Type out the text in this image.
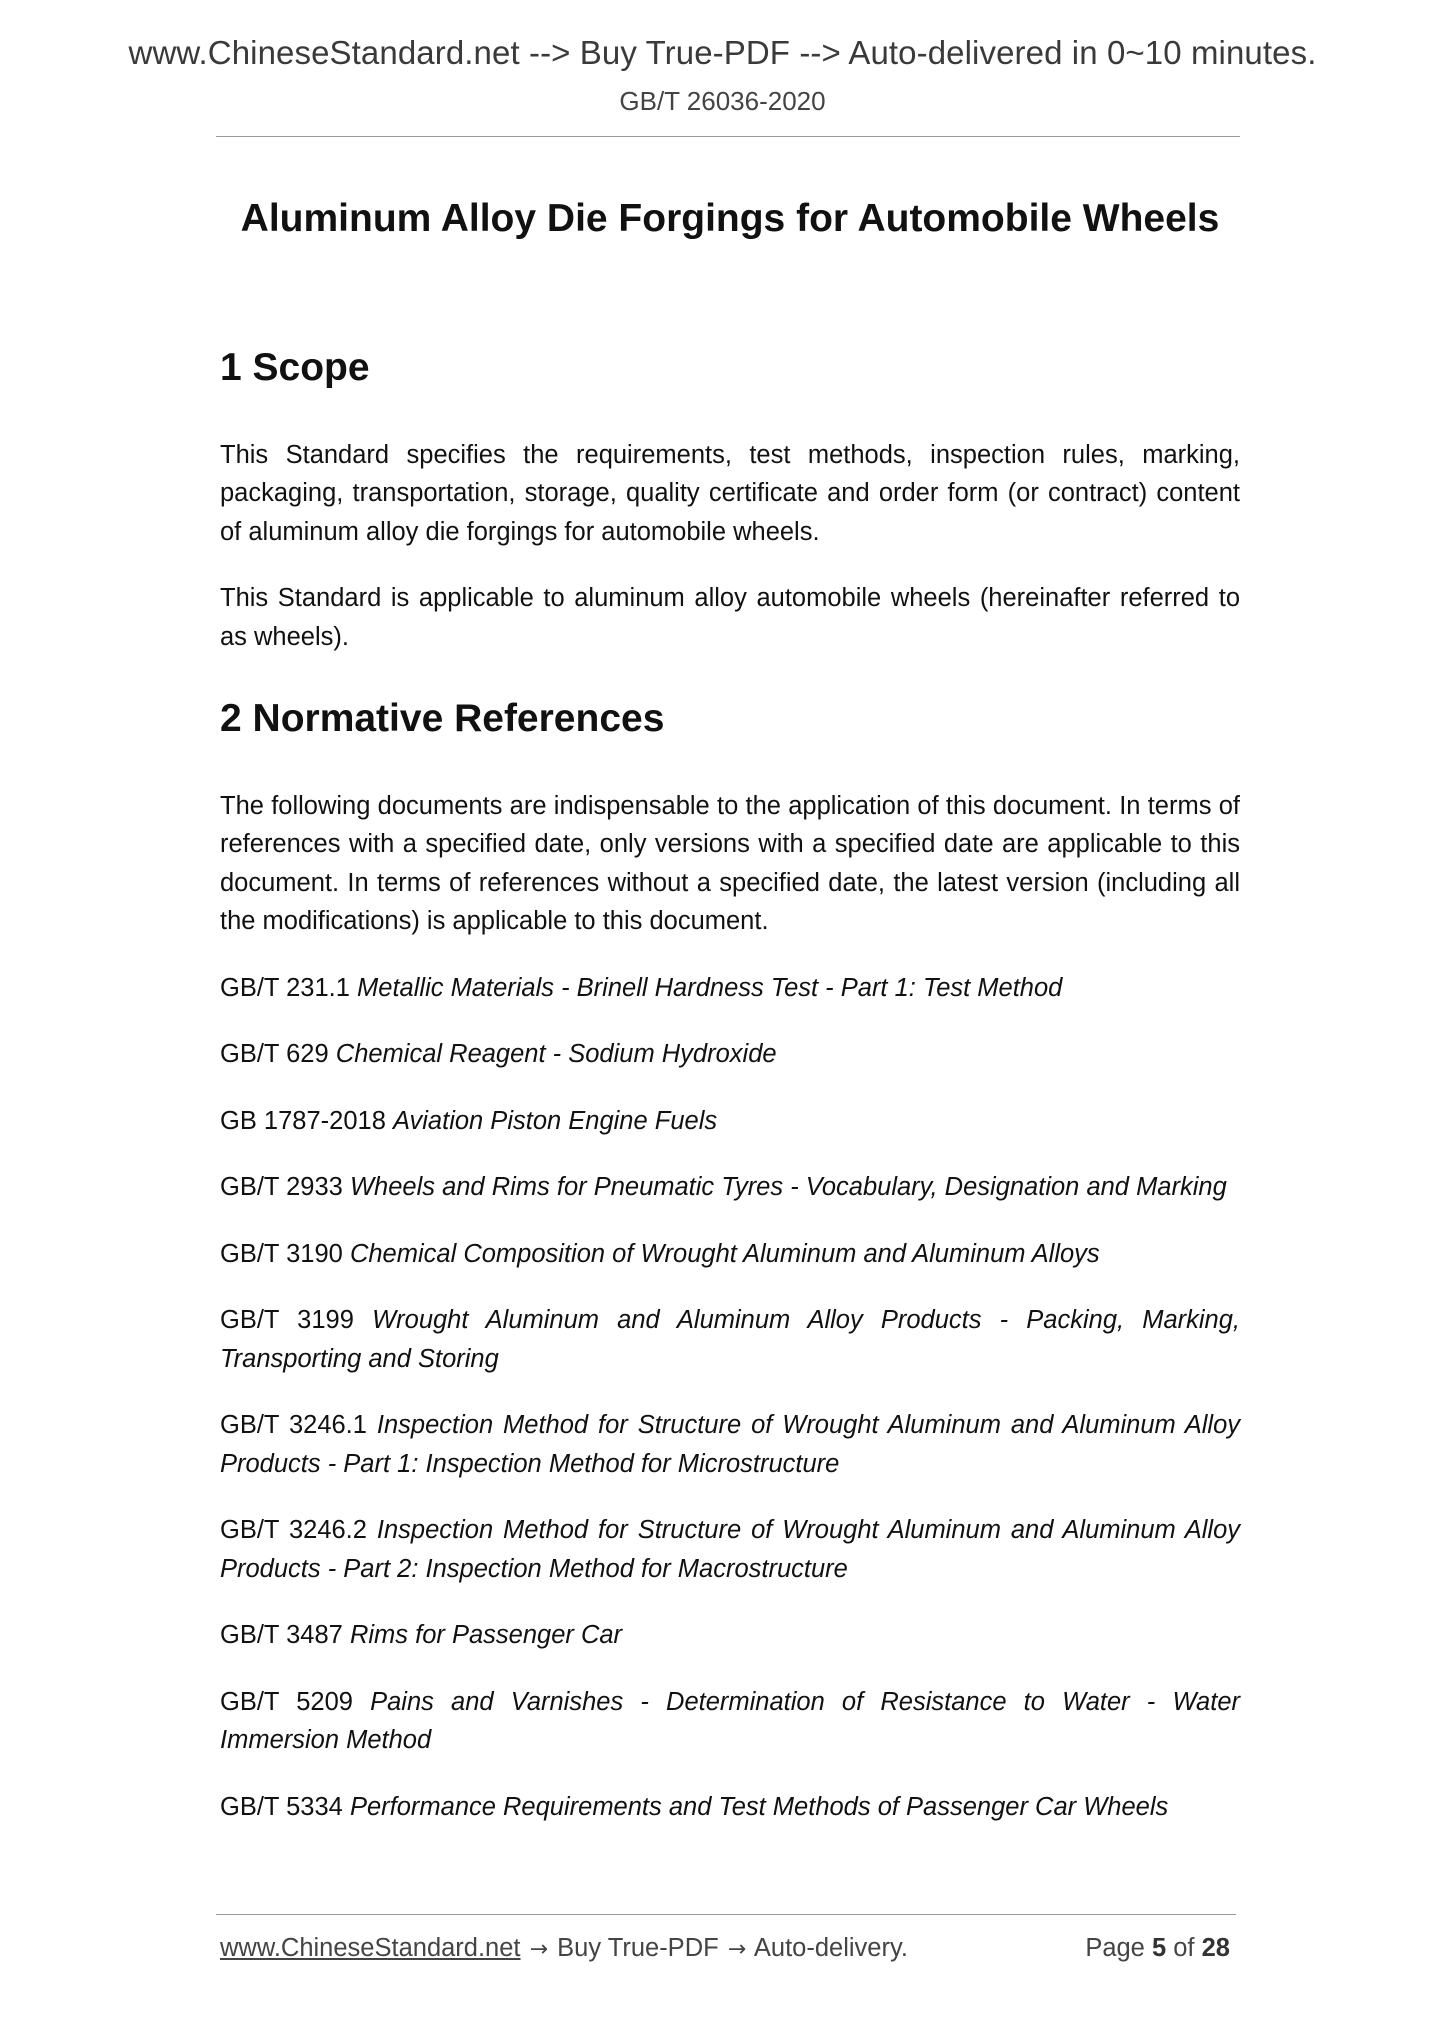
www.ChineseStandard.net --> Buy True-PDF --> Auto-delivered in 0~10 minutes.
GB/T 26036-2020
Aluminum Alloy Die Forgings for Automobile Wheels
1 Scope

This Standard specifies the requirements, test methods, inspection rules, marking, packaging, transportation, storage, quality certificate and order form (or contract) content of aluminum alloy die forgings for automobile wheels.

This Standard is applicable to aluminum alloy automobile wheels (hereinafter referred to as wheels).

2 Normative References

The following documents are indispensable to the application of this document. In terms of references with a specified date, only versions with a specified date are applicable to this document. In terms of references without a specified date, the latest version (including all the modifications) is applicable to this document.

GB/T 231.1 Metallic Materials - Brinell Hardness Test - Part 1: Test Method

GB/T 629 Chemical Reagent - Sodium Hydroxide

GB 1787-2018 Aviation Piston Engine Fuels

GB/T 2933 Wheels and Rims for Pneumatic Tyres - Vocabulary, Designation and Marking

GB/T 3190 Chemical Composition of Wrought Aluminum and Aluminum Alloys

GB/T 3199 Wrought Aluminum and Aluminum Alloy Products - Packing, Marking, Transporting and Storing

GB/T 3246.1 Inspection Method for Structure of Wrought Aluminum and Aluminum Alloy Products - Part 1: Inspection Method for Microstructure

GB/T 3246.2 Inspection Method for Structure of Wrought Aluminum and Aluminum Alloy Products - Part 2: Inspection Method for Macrostructure

GB/T 3487 Rims for Passenger Car

GB/T 5209 Pains and Varnishes - Determination of Resistance to Water - Water Immersion Method

GB/T 5334 Performance Requirements and Test Methods of Passenger Car Wheels

www.ChineseStandard.net → Buy True-PDF → Auto-delivery.	Page 5 of 28
